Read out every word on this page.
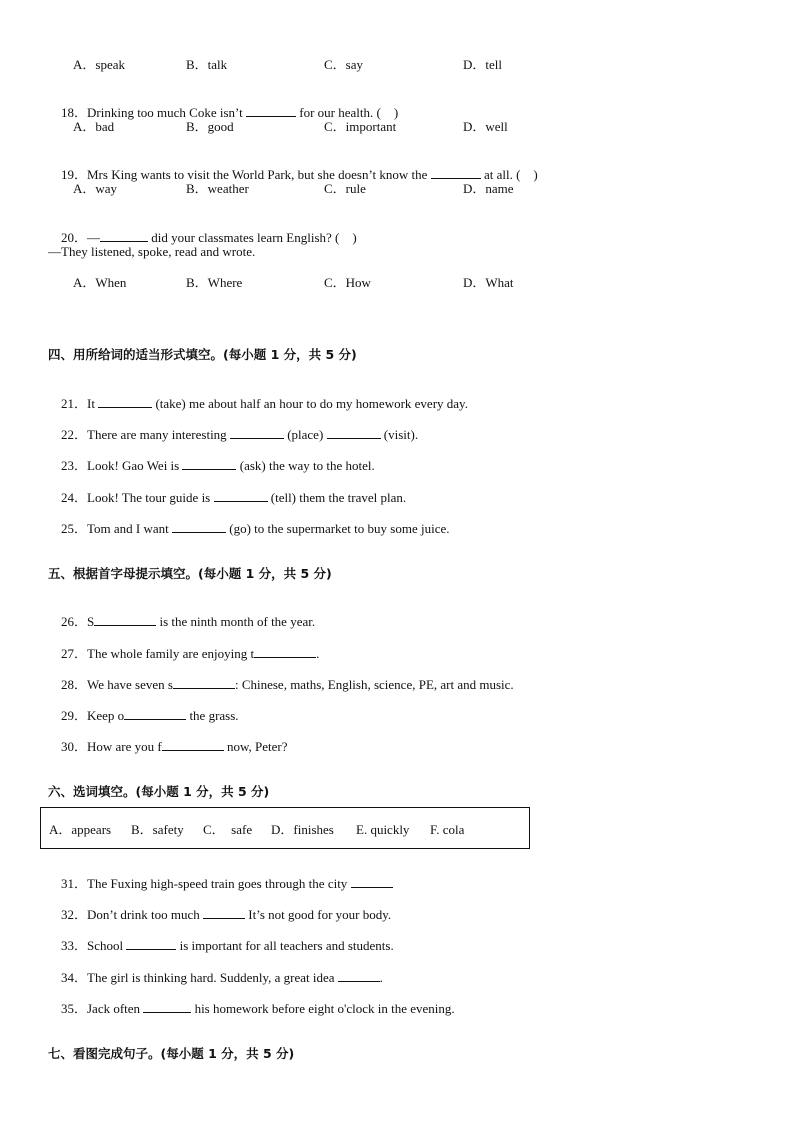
A．speak	B．talk	C．say	D．tell

18．Drinking too much Coke isn’t	for our health. (    )

A．bad	B．good	C．important	D．well

19．Mrs King wants to visit the World Park, but she doesn’t know the	at all. (    )

A．way	B．weather	C．rule	D．name

20．—	did your classmates learn English? (    )

—They listened, spoke, read and wrote.
A．When	B．Where	C．How	D．What
四、用所给词的适当形式填空。(每小题 1 分，共 5 分)

21．It	(take) me about half an hour to do my homework every day.

22．There are many interesting	(place)	(visit).

23．Look! Gao Wei is	(ask) the way to the hotel.

24．Look! The tour guide is	(tell) them the travel plan.

25．Tom and I want	(go) to the supermarket to buy some juice.

五、根据首字母提示填空。(每小题 1 分，共 5 分)

26．S	is the ninth month of the year.

27．The whole family are enjoying t	.

28．We have seven s	: Chinese, maths, English, science, PE, art and music.

29．Keep o	the grass.

30．How are you f	now, Peter?

六、选词填空。(每小题 1 分，共 5 分)
A．appears B．safety C．  safe D．finishes E. quickly F. cola

31．The Fuxing high-speed train goes through the city

32．Don’t drink too much	It’s not good for your body.

33．School	is important for all teachers and students.

34．The girl is thinking hard. Suddenly, a great idea	.

35．Jack often	his homework before eight o'clock in the evening.

七、看图完成句子。(每小题 1 分，共 5 分)
